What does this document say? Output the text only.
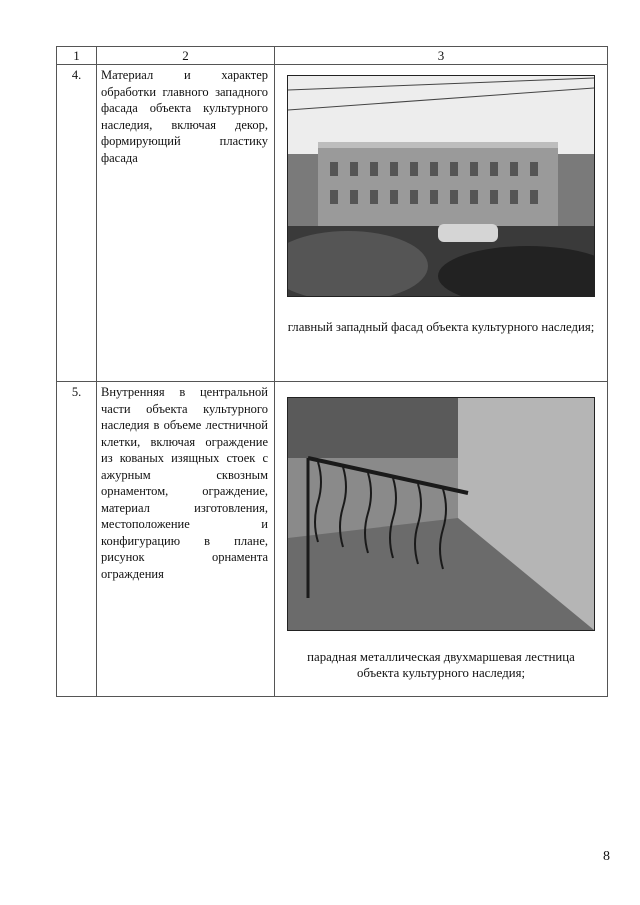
1	2	3
4.	Материал и характер обработки главного западного фасада объекта культурного наследия, включая декор, формирующий пластику фасада	главный западный фасад объекта культурного наследия;

5.	Внутренняя в центральной части объекта культурного наследия в объеме лестничной клетки, включая ограждение из кованых изящных стоек с ажурным сквозным орнаментом, ограждение, материал изготовления, местоположение и конфигурацию в плане, рисунок орнамента ограждения	парадная металлическая двухмаршевая лестница объекта культурного наследия;
8
